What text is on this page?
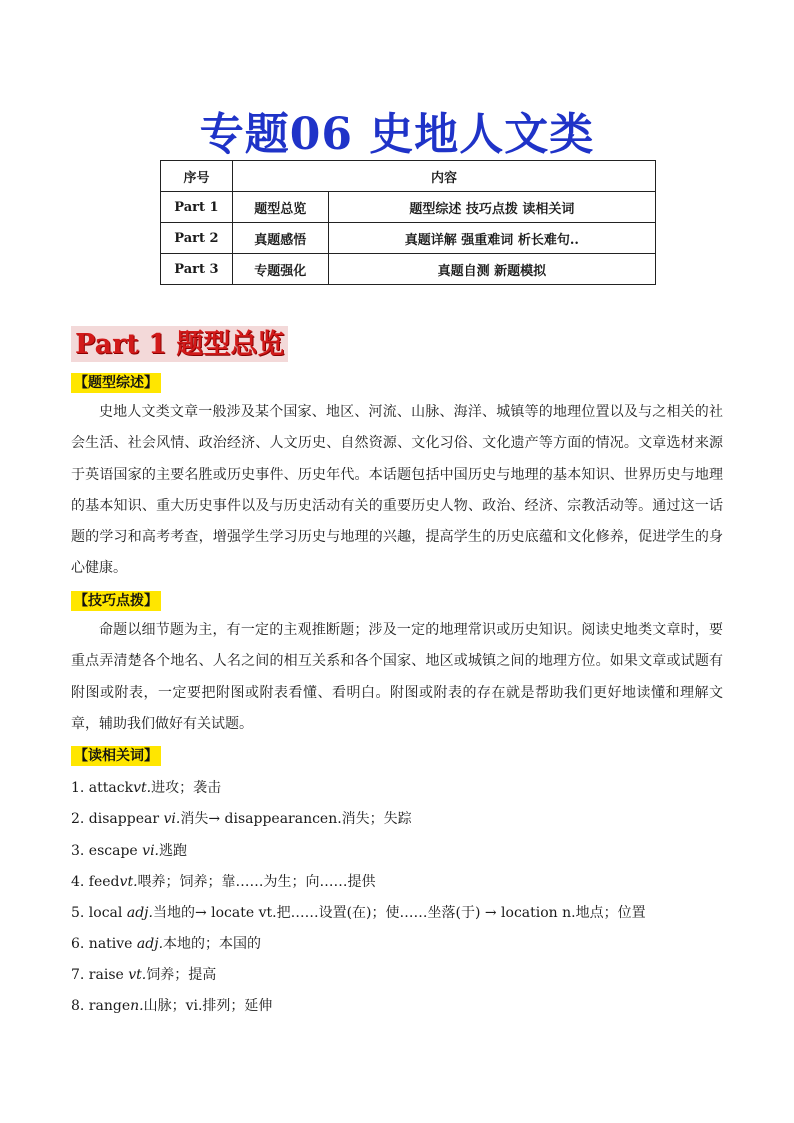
专题06 史地人文类
序号	内容	
Part 1	题型总览	题型综述 技巧点拨 读相关词
Part 2	真题感悟	真题详解 强重难词 析长难句..
Part 3	专题强化	真题自测 新题模拟
Part 1 题型总览
【题型综述】

史地人文类文章一般涉及某个国家、地区、河流、山脉、海洋、城镇等的地理位置以及与之相关的社会生活、社会风情、政治经济、人文历史、自然资源、文化习俗、文化遗产等方面的情况。文章选材来源于英语国家的主要名胜或历史事件、历史年代。本话题包括中国历史与地理的基本知识、世界历史与地理的基本知识、重大历史事件以及与历史活动有关的重要历史人物、政治、经济、宗教活动等。通过这一话题的学习和高考考查，增强学生学习历史与地理的兴趣，提高学生的历史底蕴和文化修养，促进学生的身心健康。

【技巧点拨】

命题以细节题为主，有一定的主观推断题；涉及一定的地理常识或历史知识。阅读史地类文章时，要重点弄清楚各个地名、人名之间的相互关系和各个国家、地区或城镇之间的地理方位。如果文章或试题有附图或附表，一定要把附图或附表看懂、看明白。附图或附表的存在就是帮助我们更好地读懂和理解文章，辅助我们做好有关试题。

【读相关词】
1. attackvt.进攻；袭击
2. disappear vi.消失→ disappearancen.消失；失踪
3. escape vi.逃跑
4. feedvt.喂养；饲养；靠……为生；向……提供
5. local adj.当地的→ locate vt.把……设置(在)；使……坐落(于) → location n.地点；位置
6. native adj.本地的；本国的
7. raise vt.饲养；提高
8. rangen.山脉；vi.排列；延伸
